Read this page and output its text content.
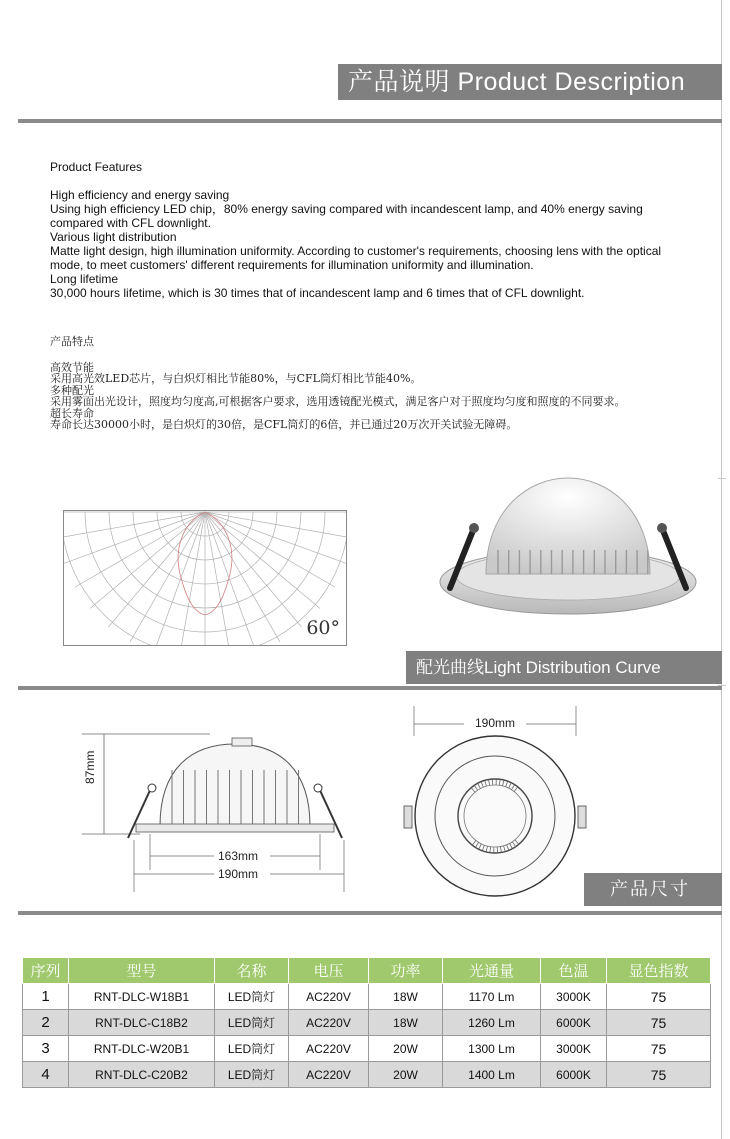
产品说明 Product Description
Product Features
High efficiency and energy saving
Using high efficiency LED chip，80% energy saving compared with incandescent lamp, and 40% energy saving compared with CFL downlight.
Various light distribution
Matte light design, high illumination uniformity. According to customer's requirements, choosing lens with the optical mode, to meet customers' different requirements for illumination uniformity and illumination.
Long lifetime
30,000 hours lifetime, which is 30 times that of incandescent lamp and 6 times that of CFL downlight.
产品特点
高效节能
采用高光效LED芯片，与白炽灯相比节能80%，与CFL筒灯相比节能40%。
多种配光
采用雾面出光设计，照度均匀度高,可根据客户要求，选用透镜配光模式，满足客户对于照度均匀度和照度的不同要求。
超长寿命
寿命长达30000小时，是白炽灯的30倍，是CFL筒灯的6倍，并已通过20万次开关试验无障碍。
60°
配光曲线Light Distribution Curve
87mm
163mm
190mm
190mm
产品尺寸
序列	型号	名称	电压	功率	光通量	色温	显色指数
1	RNT-DLC-W18B1	LED筒灯	AC220V	18W	1170 Lm	3000K	75
2	RNT-DLC-C18B2	LED筒灯	AC220V	18W	1260 Lm	6000K	75
3	RNT-DLC-W20B1	LED筒灯	AC220V	20W	1300 Lm	3000K	75
4	RNT-DLC-C20B2	LED筒灯	AC220V	20W	1400 Lm	6000K	75
